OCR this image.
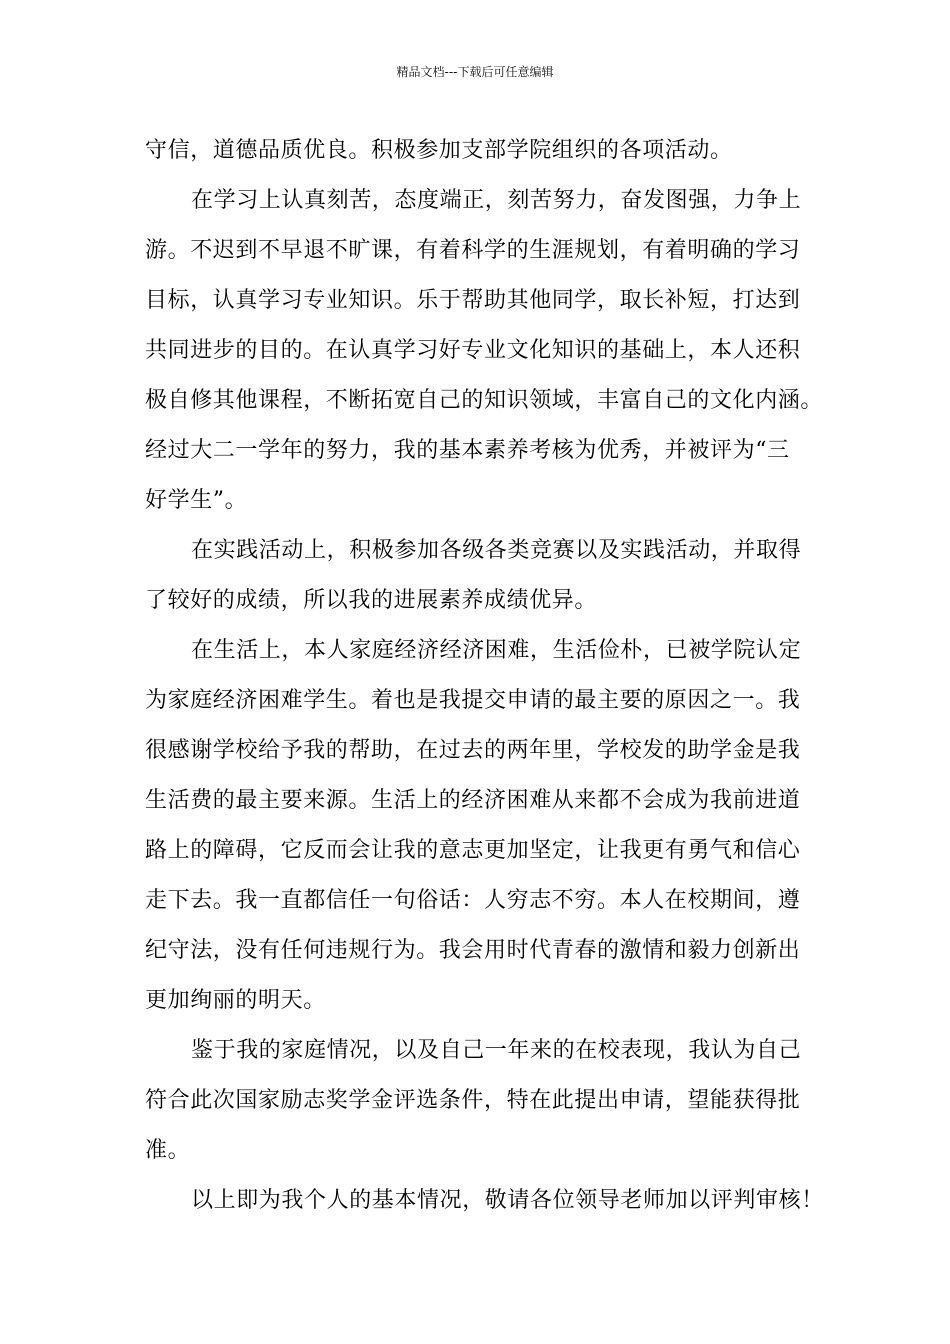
精品文档---下载后可任意编辑
守信，道德品质优良。积极参加支部学院组织的各项活动。
在学习上认真刻苦，态度端正，刻苦努力，奋发图强，力争上
游。不迟到不早退不旷课，有着科学的生涯规划，有着明确的学习
目标，认真学习专业知识。乐于帮助其他同学，取长补短，打达到
共同进步的目的。在认真学习好专业文化知识的基础上，本人还积
极自修其他课程，不断拓宽自己的知识领域，丰富自己的文化内涵。
经过大二一学年的努力，我的基本素养考核为优秀，并被评为“三
好学生”。
在实践活动上，积极参加各级各类竞赛以及实践活动，并取得
了较好的成绩，所以我的进展素养成绩优异。
在生活上，本人家庭经济经济困难，生活俭朴，已被学院认定
为家庭经济困难学生。着也是我提交申请的最主要的原因之一。我
很感谢学校给予我的帮助，在过去的两年里，学校发的助学金是我
生活费的最主要来源。生活上的经济困难从来都不会成为我前进道
路上的障碍，它反而会让我的意志更加坚定，让我更有勇气和信心
走下去。我一直都信任一句俗话：人穷志不穷。本人在校期间，遵
纪守法，没有任何违规行为。我会用时代青春的激情和毅力创新出
更加绚丽的明天。
鉴于我的家庭情况，以及自己一年来的在校表现，我认为自己
符合此次国家励志奖学金评选条件，特在此提出申请，望能获得批
准。
以上即为我个人的基本情况，敬请各位领导老师加以评判审核！
